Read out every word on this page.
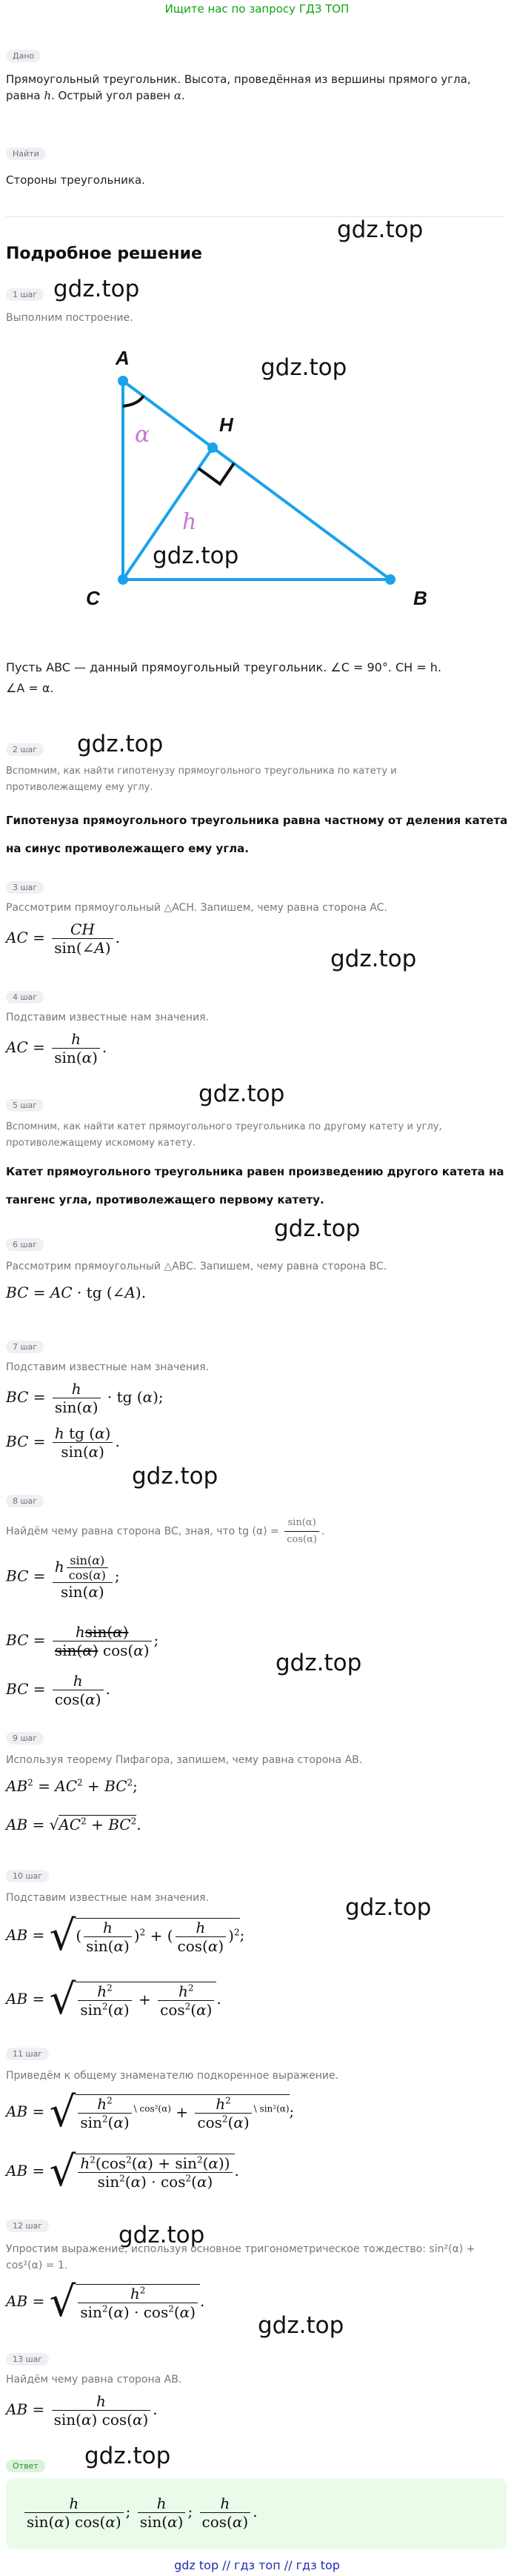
Ищите нас по запросу ГДЗ ТОП
Дано
Прямоугольный треугольник. Высота, проведённая из вершины прямого угла,
равна h. Острый угол равен α.
Найти
Стороны треугольника.
gdz.top
Подробное решение
1 шаг gdz.top
Выполним построение.
A
H
C	B
α
h
gdz.top
gdz.top
Пусть ABC — данный прямоугольный треугольник. ∠C = 90°. CH = h.
∠A = α.
gdz.top
2 шаг
Вспомним, как найти гипотенузу прямоугольного треугольника по катету и
противолежащему ему углу.
Гипотенуза прямоугольного треугольника равна частному от деления катета
на синус противолежащего ему угла.
3 шаг
Рассмотрим прямоугольный △ACH. Запишем, чему равна сторона AC.
AC = $\frac{CH}{\sin(\angle A)}$ .
gdz.top
4 шаг
Подставим известные нам значения.
AC = $\frac{h}{\sin(\alpha)}$ .
gdz.top
5 шаг
Вспомним, как найти катет прямоугольного треугольника по другому катету и углу,
противолежащему искомому катету.
Катет прямоугольного треугольника равен произведению другого катета на
тангенс угла, противолежащего первому катету.
gdz.top
6 шаг
Рассмотрим прямоугольный △ABC. Запишем, чему равна сторона BC.
BC = AC · tg (∠A).
7 шаг
Подставим известные нам значения.
BC = $\frac{h}{\sin(\alpha)}$ · tg (α);
BC = $\frac{\text{h tg (α)}}{\sin(\alpha)}$ .
gdz.top
8 шаг
Найдём чему равна сторона BC, зная, что tg $(\alpha) = \frac{\sin(\alpha)}{\cos(\alpha)}$ .
BC = $\frac{h \frac{\sin(\alpha)}{\cos(\alpha)}}{\sin(\alpha)}$ ;
BC = $\frac{hsin(\alpha)}{\sin(\alpha) \cos(\alpha)}$ ;
gdz.top
BC = $\frac{h}{\cos(\alpha)}$ .
9 шаг
Используя теорему Пифагора, запишем, чему равна сторона AB.
$AB^2 = AC^2 + BC^2$;
AB = $√AC^2 + BC^2$.
10 шаг
gdz.top
Подставим известные нам значения.
AB = √( $\frac{h}{\sin(\alpha)} )^2$ + ( $\frac{h}{\cos(\alpha)} )^2$;
AB = √ $\frac{h^2}{\sin^2(\alpha)} + \frac{h^2}{\cos^2(\alpha)}$ .
11 шаг
Приведём к общему знаменателю подкоренное выражение.
AB = √ $\frac{h^2}{\sin^2(\alpha)} ^{\backslash cos^2(\alpha)} + \frac{h^2}{\cos^2(\alpha)} ^{\backslash sin^2(\alpha)}$;
AB = √ $\frac{h^2(\cos^2(\alpha) + \sin^2(\alpha))}{\sin^2(\alpha) \cdot \cos^2(\alpha)}$ .
12 шаг	gdz.top
Упростим выражение, используя основное тригонометрическое тождество: sin²(α) +
cos²(α) = 1.
AB = √ $\frac{h^2}{\sin^2(\alpha) \cdot \cos^2(\alpha)}$ .
gdz.top
13 шаг
Найдём чему равна сторона AB.
AB = $\frac{h}{\sin(\alpha) \cos(\alpha)}$ .
Ответ gdz.top
$\frac{h}{\sin(\alpha) \cos(\alpha)}$ ; $\frac{h}{\sin(\alpha)}$ ; $\frac{h}{\cos(\alpha)}$ .
gdz top // гдз топ // гдз top
